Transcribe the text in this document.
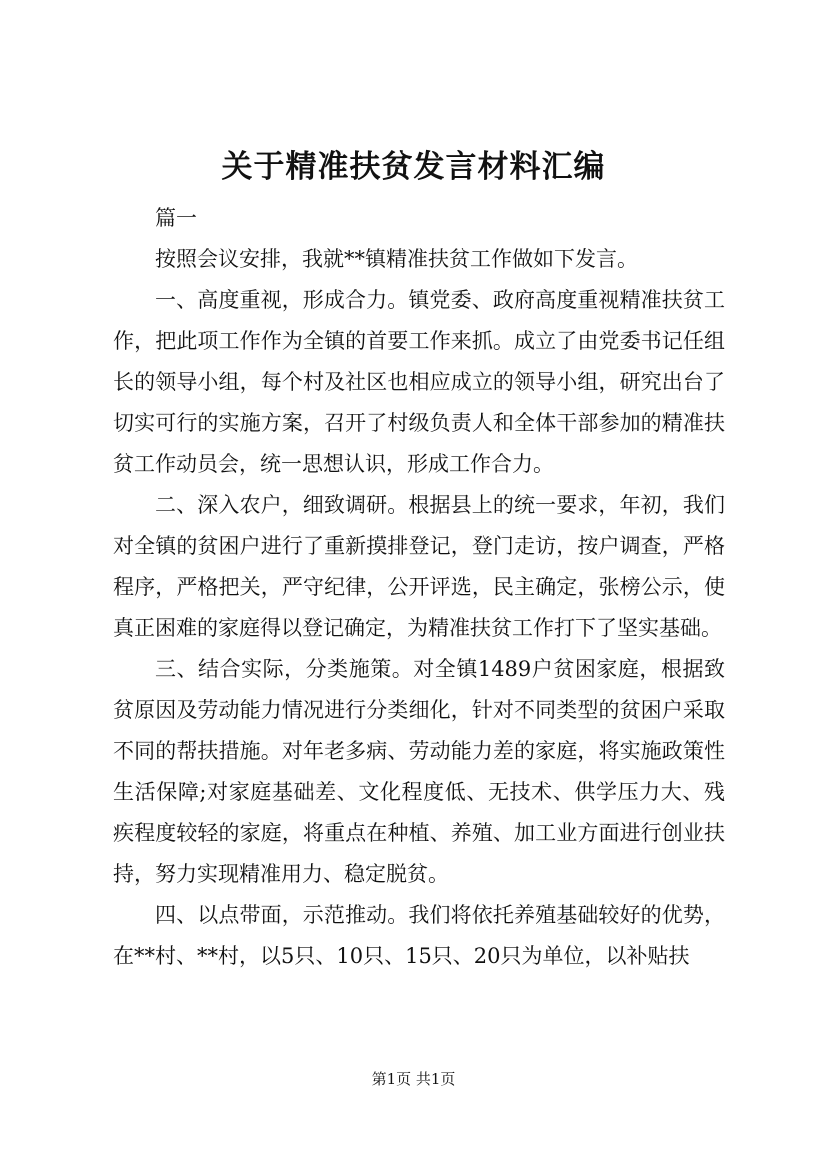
关于精准扶贫发言材料汇编

篇一

按照会议安排，我就**镇精准扶贫工作做如下发言。

一、高度重视，形成合力。镇党委、政府高度重视精准扶贫工作，把此项工作作为全镇的首要工作来抓。成立了由党委书记任组长的领导小组，每个村及社区也相应成立的领导小组，研究出台了切实可行的实施方案，召开了村级负责人和全体干部参加的精准扶贫工作动员会，统一思想认识，形成工作合力。

二、深入农户，细致调研。根据县上的统一要求，年初，我们对全镇的贫困户进行了重新摸排登记，登门走访，按户调查，严格程序，严格把关，严守纪律，公开评选，民主确定，张榜公示，使真正困难的家庭得以登记确定，为精准扶贫工作打下了坚实基础。

三、结合实际，分类施策。对全镇1489户贫困家庭，根据致贫原因及劳动能力情况进行分类细化，针对不同类型的贫困户采取不同的帮扶措施。对年老多病、劳动能力差的家庭，将实施政策性生活保障;对家庭基础差、文化程度低、无技术、供学压力大、残疾程度较轻的家庭，将重点在种植、养殖、加工业方面进行创业扶持，努力实现精准用力、稳定脱贫。

四、以点带面，示范推动。我们将依托养殖基础较好的优势，在**村、**村，以5只、10只、15只、20只为单位，以补贴扶

第1页 共1页
